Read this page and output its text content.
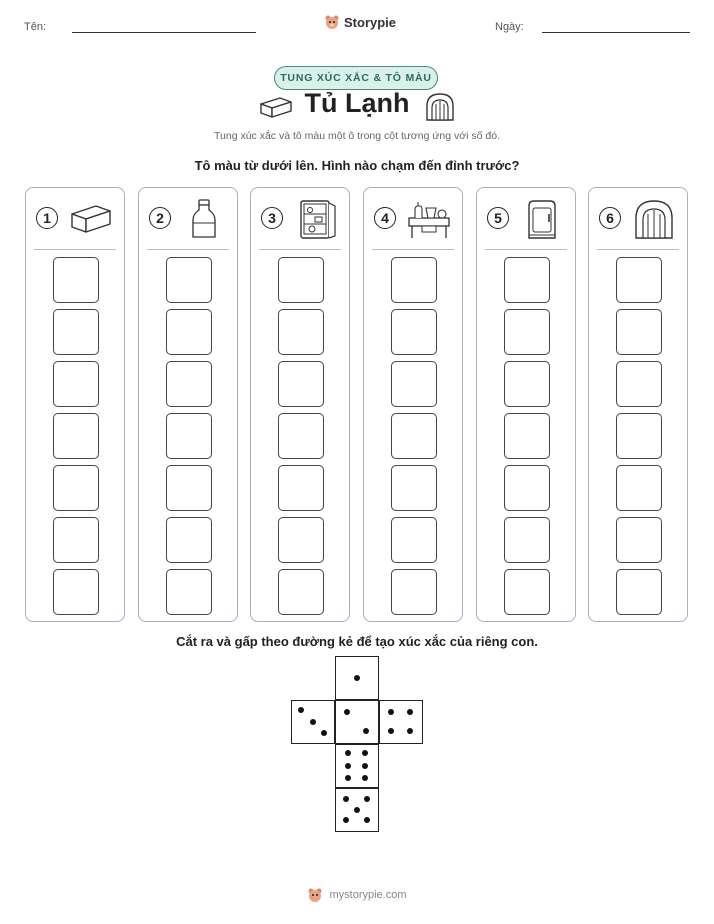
Tên:	Storypie	Ngày:
TUNG XÚC XẮC & TÔ MÀU
Tủ Lạnh
Tung xúc xắc và tô màu một ô trong cột tương ứng với số đó.
Tô màu từ dưới lên. Hình nào chạm đến đỉnh trước?
1	2	3	4	5	6
Cắt ra và gấp theo đường kẻ để tạo xúc xắc của riêng con.
mystorypie.com
